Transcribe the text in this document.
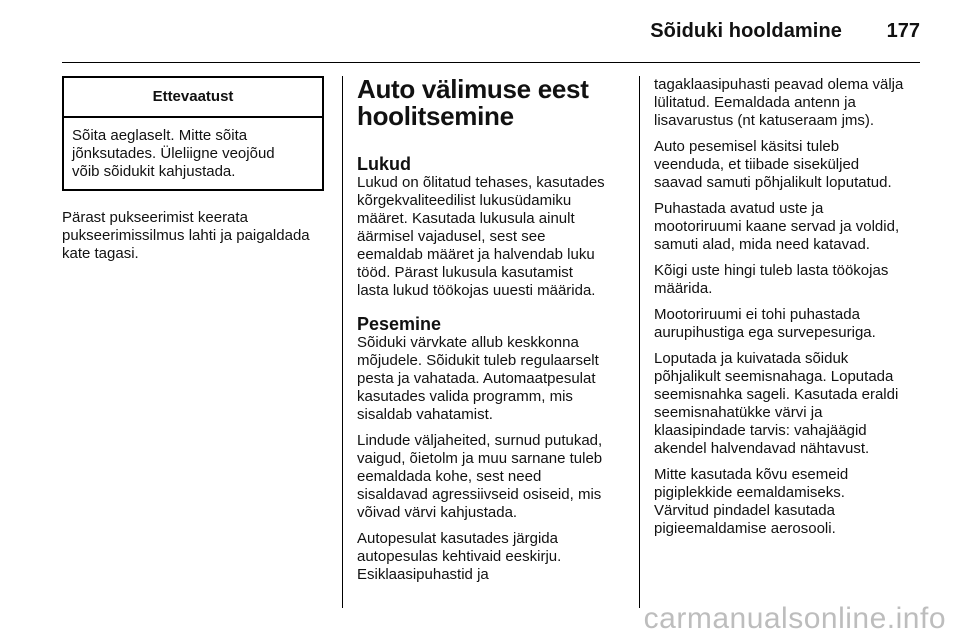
Sõiduki hooldamine 177
Ettevaatust
Sõita aeglaselt. Mitte sõita
jõnksutades. Üleliigne veojõud
võib sõidukit kahjustada.

Pärast pukseerimist keerata
pukseerimissilmus lahti ja paigaldada
kate tagasi.

Auto välimuse eest
hoolitsemine
Lukud

Lukud on õlitatud tehases, kasutades
kõrgekvaliteedilist lukusüdamiku
määret. Kasutada lukusula ainult
äärmisel vajadusel, sest see
eemaldab määret ja halvendab luku
tööd. Pärast lukusula kasutamist
lasta lukud töökojas uuesti määrida.

Pesemine

Sõiduki värvkate allub keskkonna
mõjudele. Sõidukit tuleb regulaarselt
pesta ja vahatada. Automaatpesulat
kasutades valida programm, mis
sisaldab vahatamist.

Lindude väljaheited, surnud putukad,
vaigud, õietolm ja muu sarnane tuleb
eemaldada kohe, sest need
sisaldavad agressiivseid osiseid, mis
võivad värvi kahjustada.

Autopesulat kasutades järgida
autopesulas kehtivaid eeskirju.
Esiklaasipuhastid ja

tagaklaasipuhasti peavad olema välja
lülitatud. Eemaldada antenn ja
lisavarustus (nt katuseraam jms).

Auto pesemisel käsitsi tuleb
veenduda, et tiibade siseküljed
saavad samuti põhjalikult loputatud.

Puhastada avatud uste ja
mootoriruumi kaane servad ja voldid,
samuti alad, mida need katavad.

Kõigi uste hingi tuleb lasta töökojas
määrida.

Mootoriruumi ei tohi puhastada
aurupihustiga ega survepesuriga.

Loputada ja kuivatada sõiduk
põhjalikult seemisnahaga. Loputada
seemisnahka sageli. Kasutada eraldi
seemisnahatükke värvi ja
klaasipindade tarvis: vahajäägid
akendel halvendavad nähtavust.

Mitte kasutada kõvu esemeid
pigiplekkide eemaldamiseks.
Värvitud pindadel kasutada
pigieemaldamise aerosooli.

carmanualsonline.info
